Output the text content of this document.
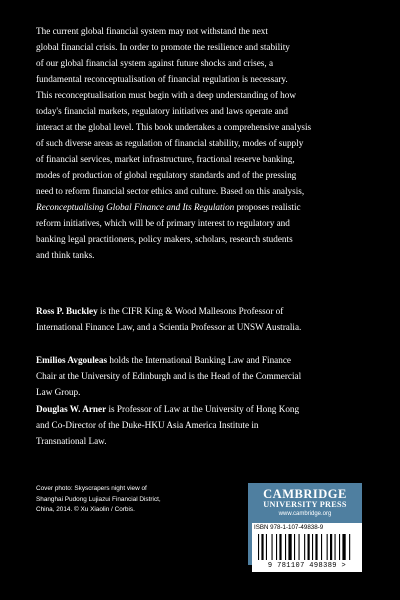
The current global financial system may not withstand the next
global financial crisis. In order to promote the resilience and stability
of our global financial system against future shocks and crises, a
fundamental reconceptualisation of financial regulation is necessary.
This reconceptualisation must begin with a deep understanding of how
today's financial markets, regulatory initiatives and laws operate and
interact at the global level. This book undertakes a comprehensive analysis
of such diverse areas as regulation of financial stability, modes of supply
of financial services, market infrastructure, fractional reserve banking,
modes of production of global regulatory standards and of the pressing
need to reform financial sector ethics and culture. Based on this analysis,
Reconceptualising Global Finance and Its Regulation proposes realistic
reform initiatives, which will be of primary interest to regulatory and
banking legal practitioners, policy makers, scholars, research students
and think tanks.

Ross P. Buckley is the CIFR King & Wood Mallesons Professor of
International Finance Law, and a Scientia Professor at UNSW Australia.

Emilios Avgouleas holds the International Banking Law and Finance
Chair at the University of Edinburgh and is the Head of the Commercial
Law Group.

Douglas W. Arner is Professor of Law at the University of Hong Kong
and Co-Director of the Duke-HKU Asia America Institute in
Transnational Law.

Cover photo: Skyscrapers night view of
Shanghai Pudong Lujiazui Financial District,
China, 2014. © Xu Xiaolin / Corbis.

CAMBRIDGE
UNIVERSITY PRESS
www.cambridge.org
ISBN 978-1-107-49838-9
9 781107 498389 >
